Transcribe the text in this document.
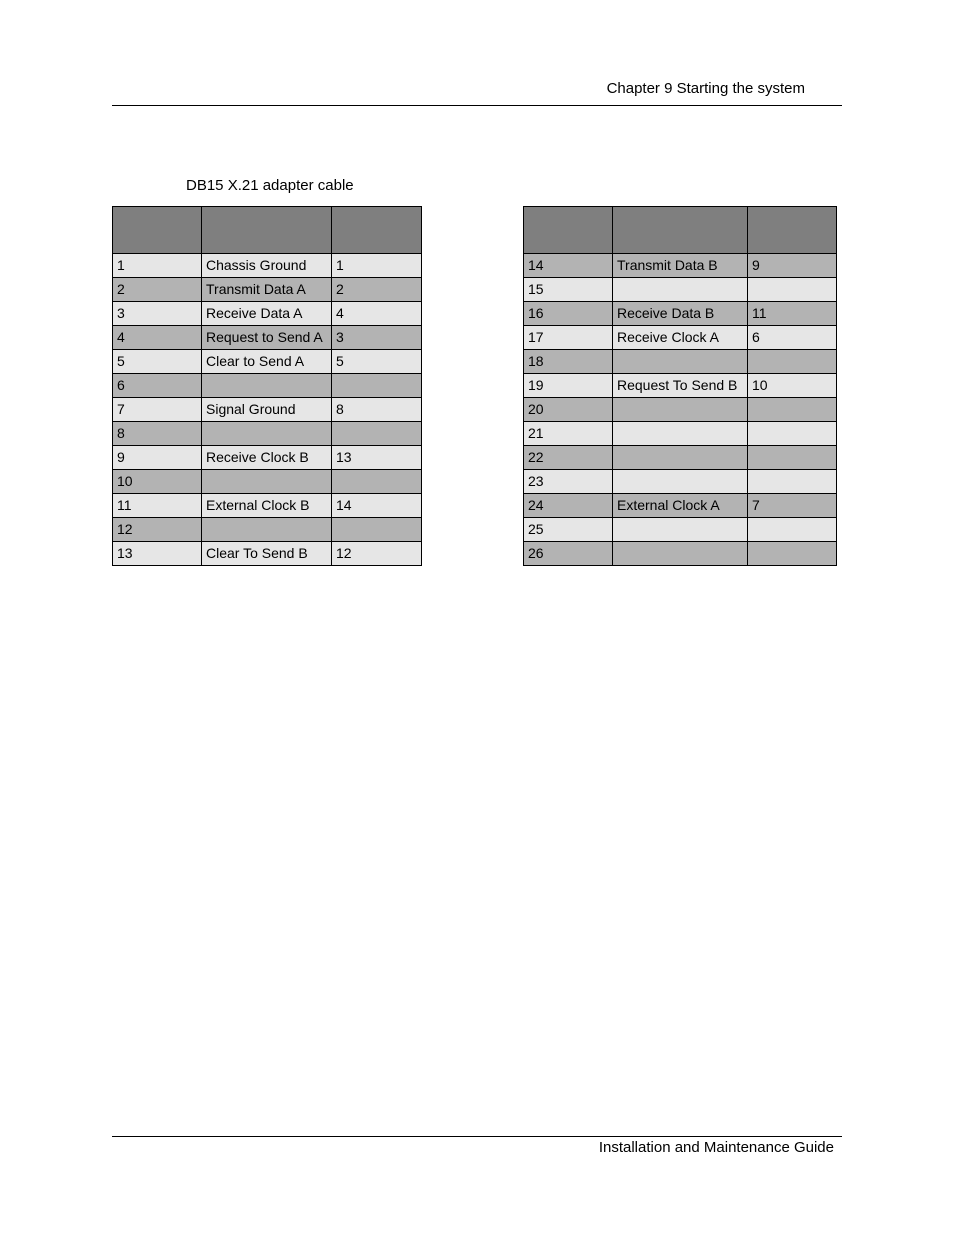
Chapter 9 Starting the system
DB15 X.21 adapter cable

1	Chassis Ground	1
2	Transmit Data A	2
3	Receive Data A	4
4	Request to Send A	3
5	Clear to Send A	5
6		
7	Signal Ground	8
8		
9	Receive Clock B	13
10		
11	External Clock B	14
12		
13	Clear To Send B	12

14	Transmit Data B	9
15		
16	Receive Data B	11
17	Receive Clock A	6
18		
19	Request To Send B	10
20		
21		
22		
23		
24	External Clock A	7
25		
26		
Installation and Maintenance Guide
